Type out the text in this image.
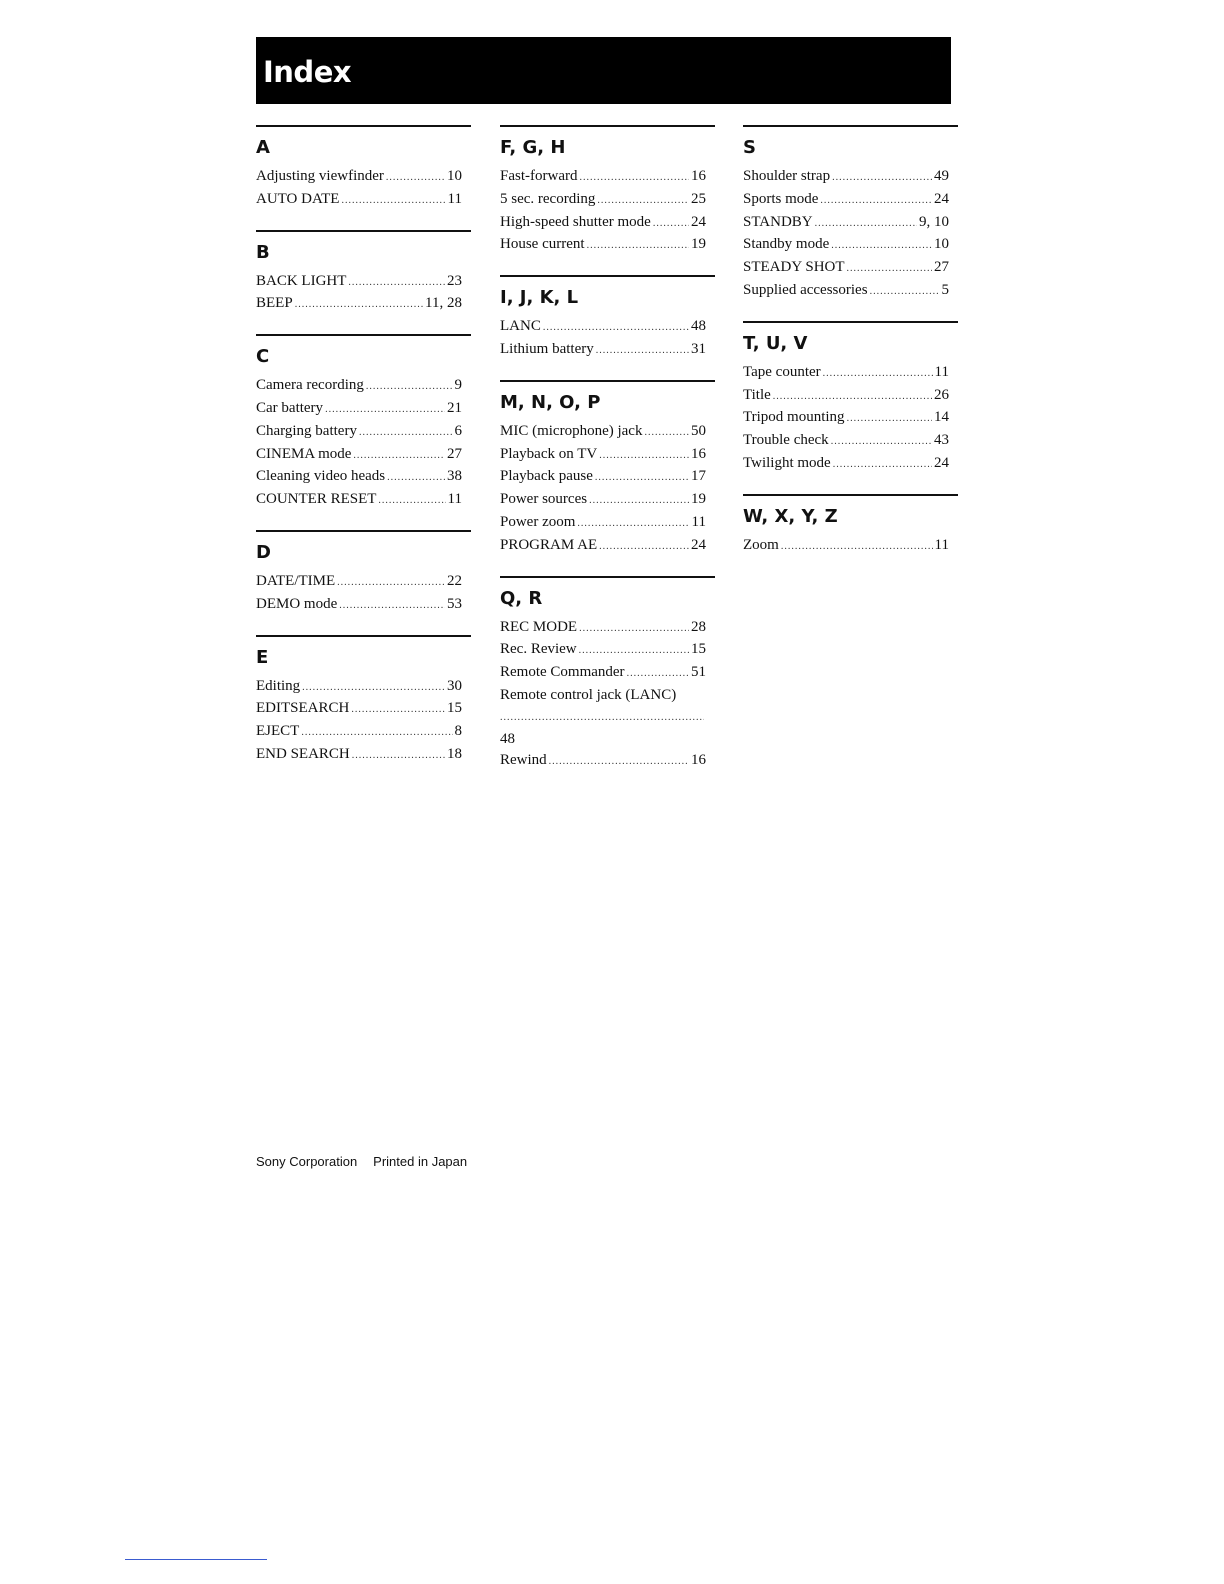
Index
A
Adjusting viewfinder .....	10
AUTO DATE .....	11
B
BACK LIGHT .....	23
BEEP .....	11, 28
C
Camera recording .....	9
Car battery .....	21
Charging battery .....	6
CINEMA mode .....	27
Cleaning video heads .....	38
COUNTER RESET .....	11
D
DATE/TIME .....	22
DEMO mode .....	53
E
Editing .....	30
EDITSEARCH .....	15
EJECT .....	8
END SEARCH .....	18
F, G, H
Fast-forward .....	16
5 sec. recording .....	25
High-speed shutter mode .....	24
House current .....	19
I, J, K, L
LANC .....	48
Lithium battery .....	31
M, N, O, P
MIC (microphone) jack .....	50
Playback on TV .....	16
Playback pause .....	17
Power sources .....	19
Power zoom .....	11
PROGRAM AE .....	24
Q, R
REC MODE .....	28
Rec. Review .....	15
Remote Commander .....	51
Remote control jack (LANC)
.....
48
Rewind .....	16
S
Shoulder strap .....	49
Sports mode .....	24
STANDBY .....	9, 10
Standby mode .....	10
STEADY SHOT .....	27
Supplied accessories .....	5
T, U, V
Tape counter .....	11
Title .....	26
Tripod mounting .....	14
Trouble check .....	43
Twilight mode .....	24
W, X, Y, Z
Zoom .....	11
Sony Corporation Printed in Japan
